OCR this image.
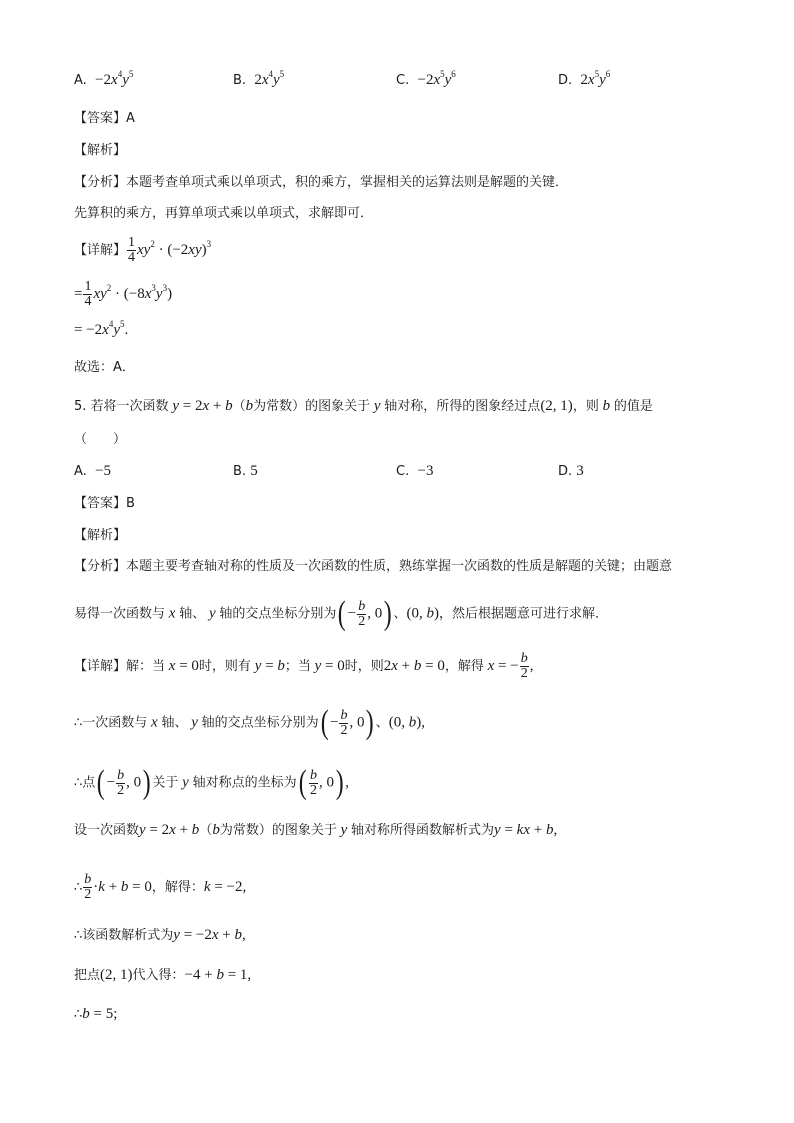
A. $-2x^4y^5$	B. $2x^4y^5$	C. $-2x^5y^6$	D. $2x^5y^6$
【答案】A
【解析】
【分析】本题考查单项式乘以单项式，积的乘方，掌握相关的运算法则是解题的关键．
先算积的乘方，再算单项式乘以单项式，求解即可．
【详解】 $\frac{1}{4} xy^2 \cdot (-2xy)^3$
= $\frac{1}{4} xy^2 \cdot (-8x^3y^3)$
= $-2x^4y^5$.
故选：A．
5. 若将一次函数 y = 2x + b（b为常数）的图象关于 y 轴对称，所得的图象经过点(2, 1)，则 b 的值是
（　　）
A. −5	B. 5	C. −3	D. 3
【答案】B
【解析】
【分析】本题主要考查轴对称的性质及一次函数的性质，熟练掌握一次函数的性质是解题的关键；由题意
易得一次函数与 x 轴、 y 轴的交点坐标分别为( − $\frac{b}{2}$ , 0) 、(0, b)，然后根据题意可进行求解．
【详解】解：当 x = 0时，则有 y = b；当 y = 0时，则2x + b = 0，解得 x = − $\frac{b}{2}$ ,
∴一次函数与 x 轴、 y 轴的交点坐标分别为( − $\frac{b}{2}$ , 0) 、(0, b),
∴点( − $\frac{b}{2}$ , 0) 关于 y 轴对称点的坐标为( $\frac{b}{2}$ , 0) ,
设一次函数y = 2x + b（b为常数）的图象关于 y 轴对称所得函数解析式为y = kx + b,
∴ $\frac{b}{2} \cdot k + b = 0$，解得：k = −2,
∴该函数解析式为y = −2x + b,
把点(2, 1)代入得：−4 + b = 1,
∴b = 5;
